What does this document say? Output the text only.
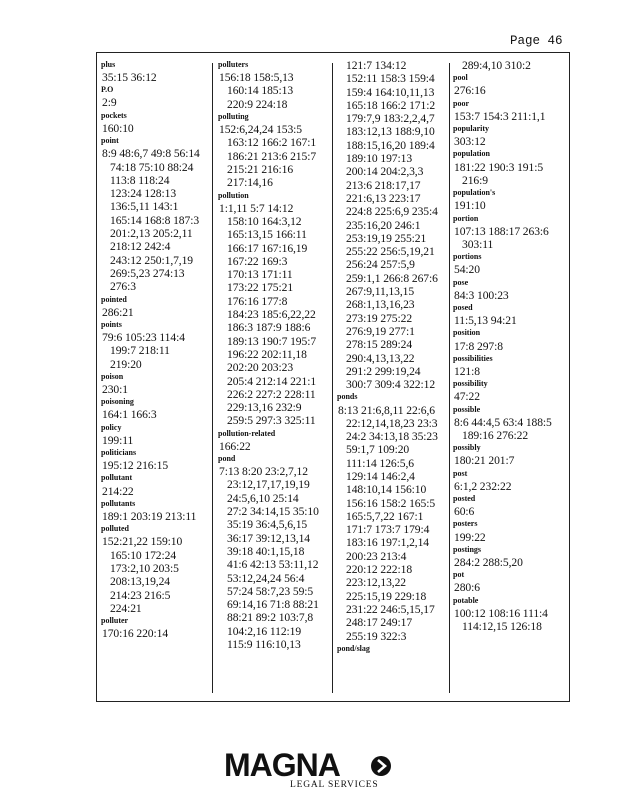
Page 46
plus
35:15 36:12
P.O
2:9
pockets
160:10
point
8:9 48:6,7 49:8 56:14
74:18 75:10 88:24
113:8 118:24
123:24 128:13
136:5,11 143:1
165:14 168:8 187:3
201:2,13 205:2,11
218:12 242:4
243:12 250:1,7,19
269:5,23 274:13
276:3
pointed
286:21
points
79:6 105:23 114:4
199:7 218:11
219:20
poison
230:1
poisoning
164:1 166:3
policy
199:11
politicians
195:12 216:15
pollutant
214:22
pollutants
189:1 203:19 213:11
polluted
152:21,22 159:10
165:10 172:24
173:2,10 203:5
208:13,19,24
214:23 216:5
224:21
polluter
170:16 220:14
polluters
156:18 158:5,13
160:14 185:13
220:9 224:18
polluting
152:6,24,24 153:5
163:12 166:2 167:1
186:21 213:6 215:7
215:21 216:16
217:14,16
pollution
1:1,11 5:7 14:12
158:10 164:3,12
165:13,15 166:11
166:17 167:16,19
167:22 169:3
170:13 171:11
173:22 175:21
176:16 177:8
184:23 185:6,22,22
186:3 187:9 188:6
189:13 190:7 195:7
196:22 202:11,18
202:20 203:23
205:4 212:14 221:1
226:2 227:2 228:11
229:13,16 232:9
259:5 297:3 325:11
pollution-related
166:22
pond
7:13 8:20 23:2,7,12
23:12,17,17,19,19
24:5,6,10 25:14
27:2 34:14,15 35:10
35:19 36:4,5,6,15
36:17 39:12,13,14
39:18 40:1,15,18
41:6 42:13 53:11,12
53:12,24,24 56:4
57:24 58:7,23 59:5
69:14,16 71:8 88:21
88:21 89:2 103:7,8
104:2,16 112:19
115:9 116:10,13
121:7 134:12
152:11 158:3 159:4
159:4 164:10,11,13
165:18 166:2 171:2
179:7,9 183:2,2,4,7
183:12,13 188:9,10
188:15,16,20 189:4
189:10 197:13
200:14 204:2,3,3
213:6 218:17,17
221:6,13 223:17
224:8 225:6,9 235:4
235:16,20 246:1
253:19,19 255:21
255:22 256:5,19,21
256:24 257:5,9
259:1,1 266:8 267:6
267:9,11,13,15
268:1,13,16,23
273:19 275:22
276:9,19 277:1
278:15 289:24
290:4,13,13,22
291:2 299:19,24
300:7 309:4 322:12
ponds
8:13 21:6,8,11 22:6,6
22:12,14,18,23 23:3
24:2 34:13,18 35:23
59:1,7 109:20
111:14 126:5,6
129:14 146:2,4
148:10,14 156:10
156:16 158:2 165:5
165:5,7,22 167:1
171:7 173:7 179:4
183:16 197:1,2,14
200:23 213:4
220:12 222:18
223:12,13,22
225:15,19 229:18
231:22 246:5,15,17
248:17 249:17
255:19 322:3
pond/slag
289:4,10 310:2
pool
276:16
poor
153:7 154:3 211:1,1
popularity
303:12
population
181:22 190:3 191:5
216:9
population's
191:10
portion
107:13 188:17 263:6
303:11
portions
54:20
pose
84:3 100:23
posed
11:5,13 94:21
position
17:8 297:8
possibilities
121:8
possibility
47:22
possible
8:6 44:4,5 63:4 188:5
189:16 276:22
possibly
180:21 201:7
post
6:1,2 232:22
posted
60:6
posters
199:22
postings
284:2 288:5,20
pot
280:6
potable
100:12 108:16 111:4
114:12,15 126:18
MAGNA
LEGAL SERVICES
